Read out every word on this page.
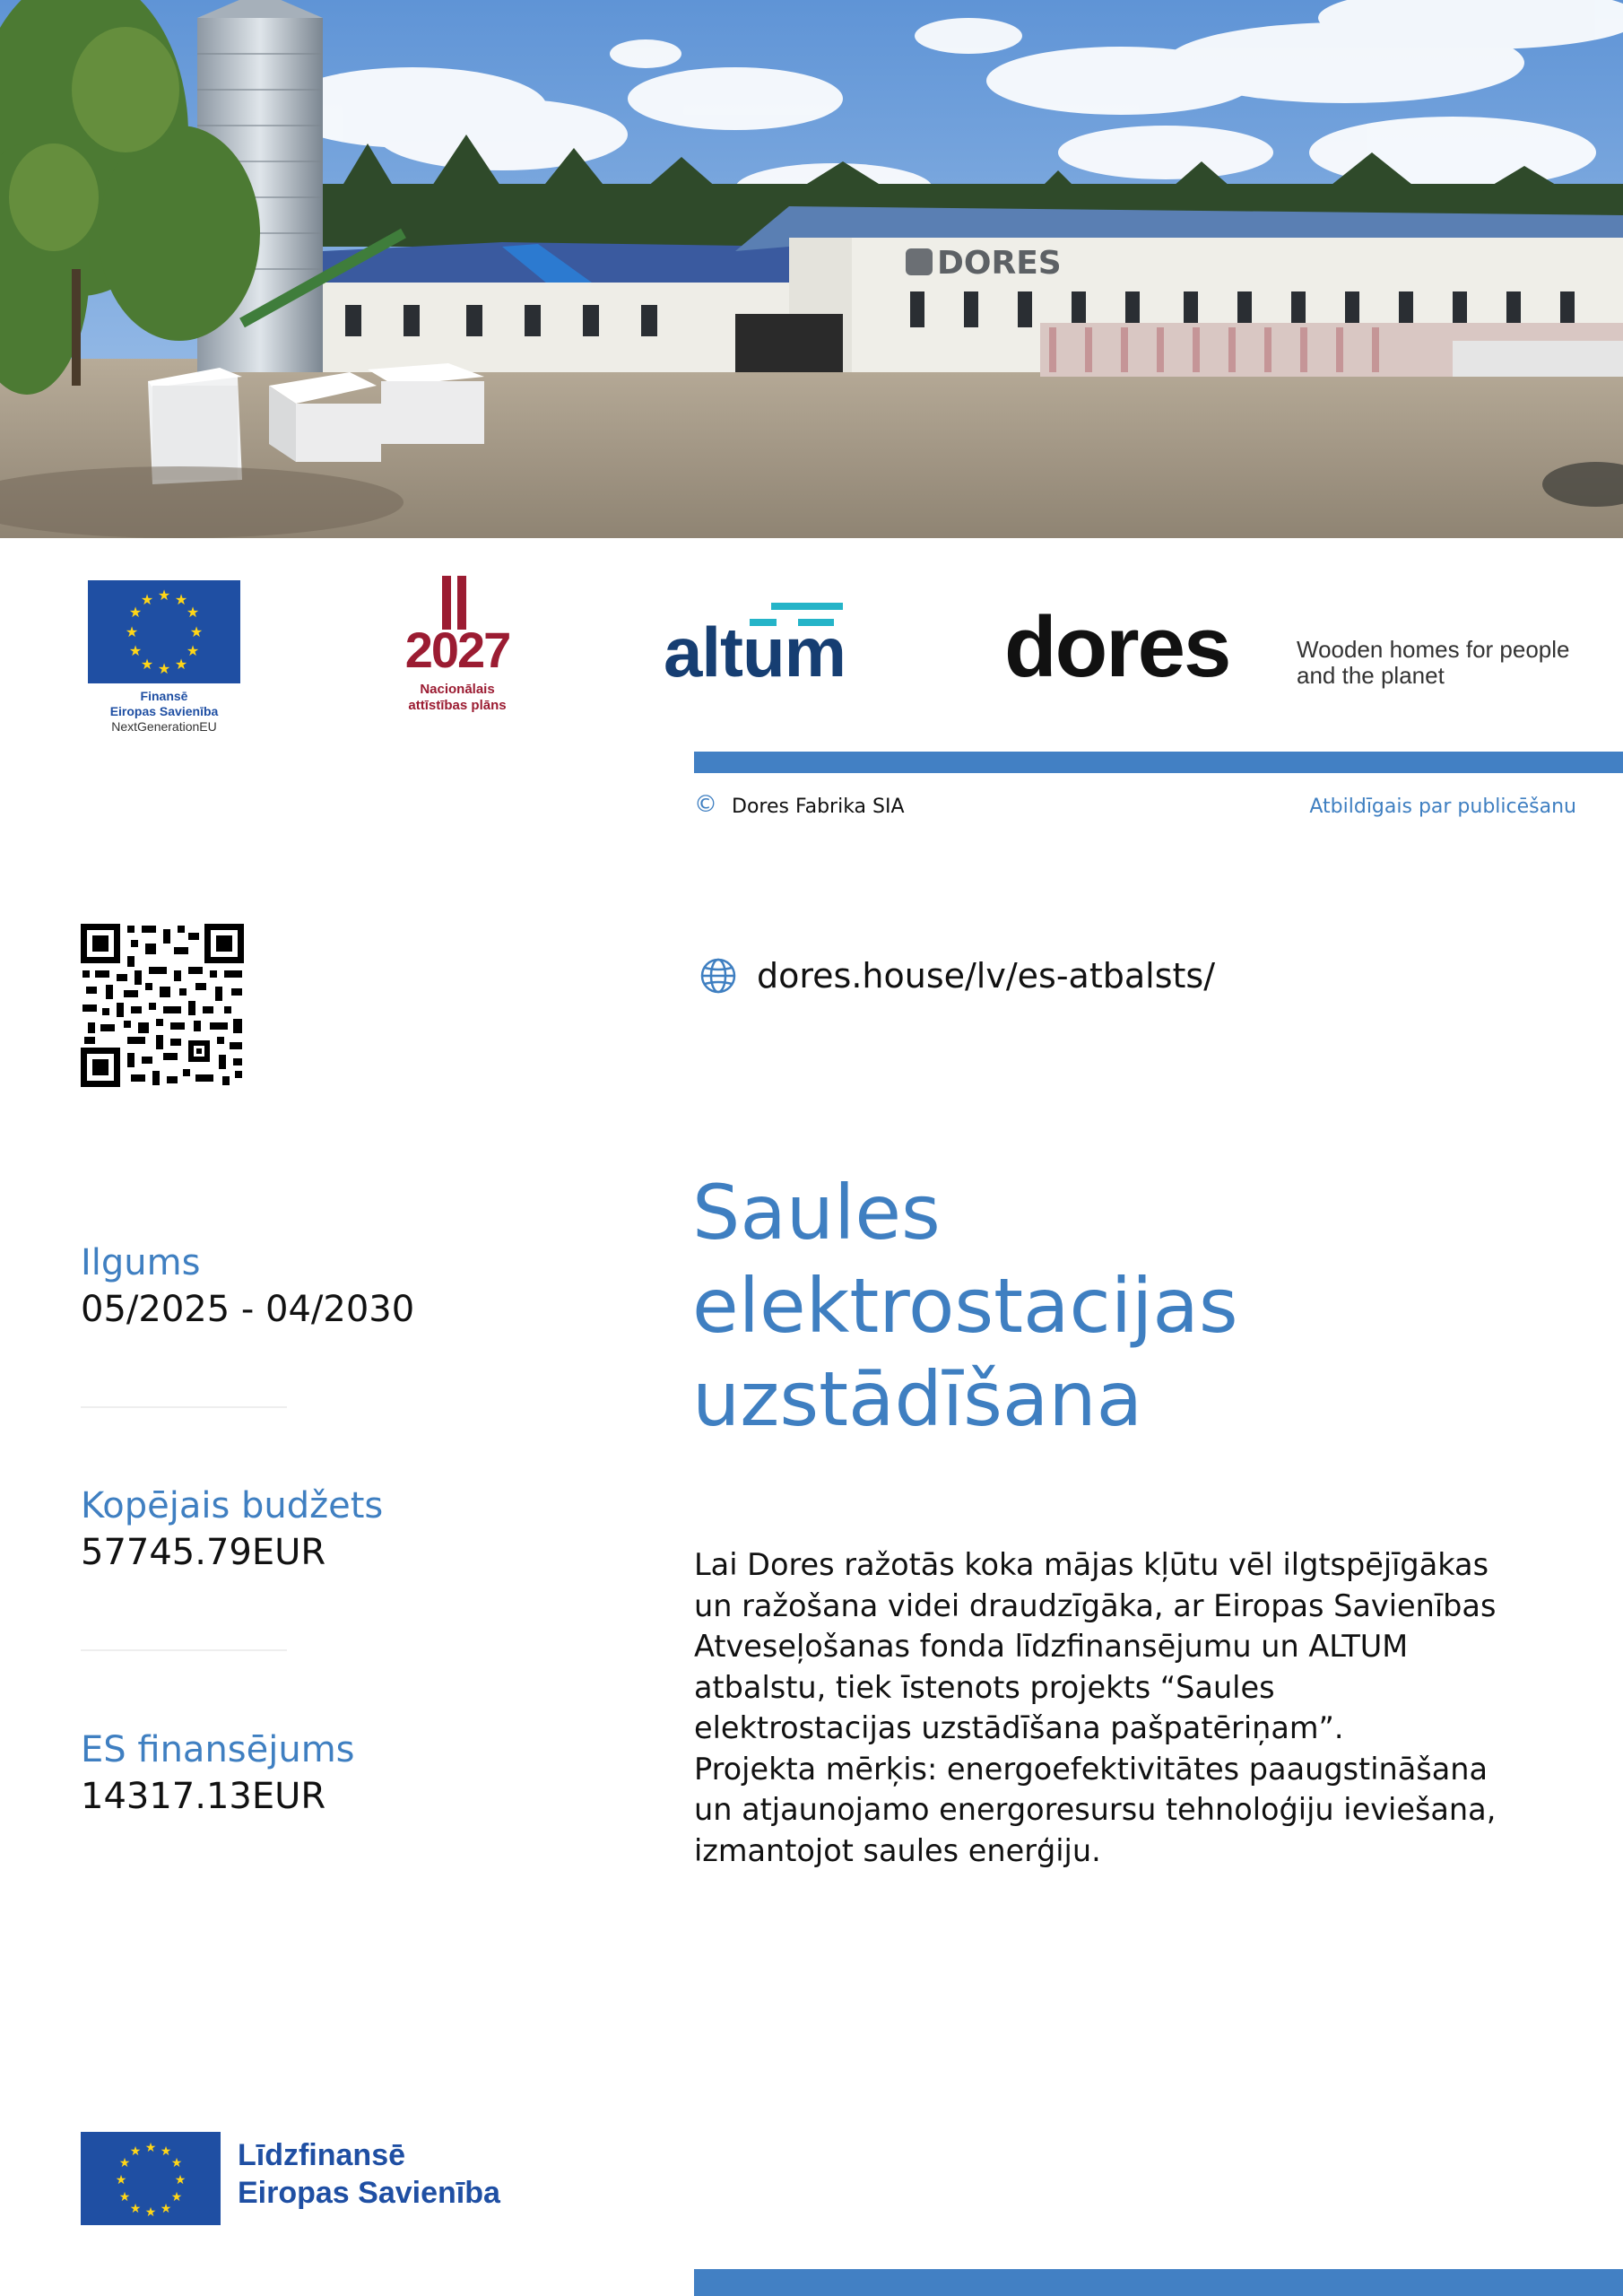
DORES
★ ★
★
★
★
★
★
★
★
★
★
★
Finansē
Eiropas Savienība
NextGenerationEU
2027
Nacionālais
attīstības plāns
altum dores	Wooden homes for people
and the planet
© Dores Fabrika SIA	Atbildīgais par publicēšanu
dores.house/lv/es-atbalsts/
Saules
elektrostacijas
uzstādīšana
Lai Dores ražotās koka mājas kļūtu vēl ilgtspējīgākas
un ražošana videi draudzīgāka, ar Eiropas Savienības
Atveseļošanas fonda līdzfinansējumu un ALTUM
atbalstu, tiek īstenots projekts “Saules
elektrostacijas uzstādīšana pašpatēriņam”.
Projekta mērķis: energoefektivitātes paaugstināšana
un atjaunojamo energoresursu tehnoloģiju ieviešana,
izmantojot saules enerģiju.
Ilgums
05/2025 - 04/2030
Kopējais budžets
57745.79EUR
ES finansējums
14317.13EUR
★ ★
★
★
★
★
★
★
★
★
★
★	Līdzfinansē
Eiropas Savienība
